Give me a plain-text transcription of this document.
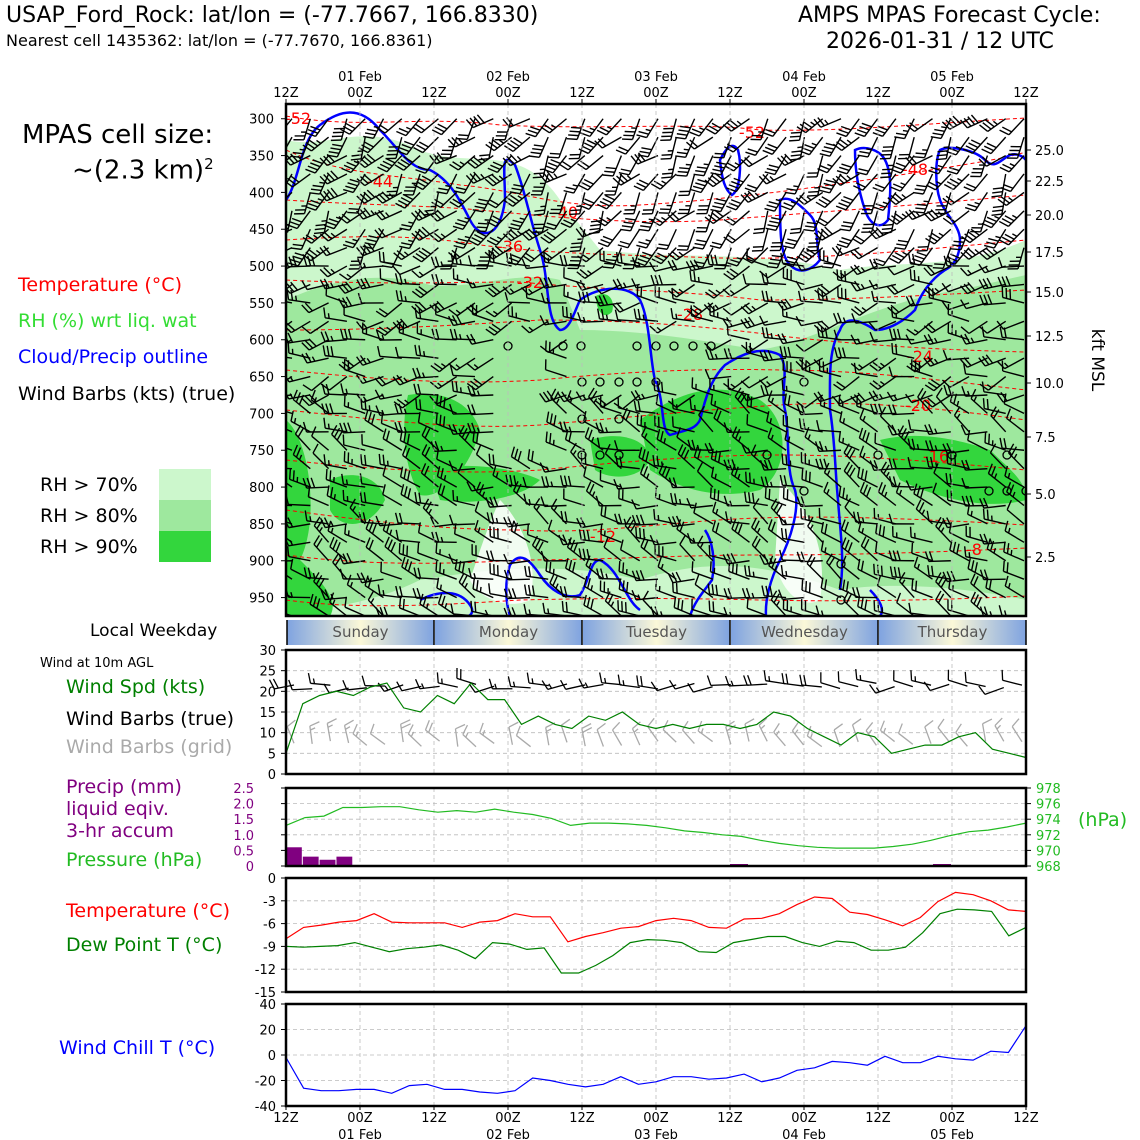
USAP_Ford_Rock: lat/lon = (-77.7667, 166.8330)
Nearest cell 1435362: lat/lon = (-77.7670, 166.8361)
AMPS MPAS Forecast Cycle:
2026-01-31 / 12 UTC
MPAS cell size:
~(2.3 km)$^2$
Temperature (°C)
RH (%) wrt liq. wat
Cloud/Precip outline
Wind Barbs (kts) (true)
RH > 70%
RH > 80%
RH > 90%
Local Weekday
Wind at 10m AGL
Wind Spd (kts)
Wind Barbs (true)
Wind Barbs (grid)
Precip (mm)
liquid eqiv.
3-hr accum
Pressure (hPa)
Temperature (°C)
Dew Point T (°C)
Wind Chill T (°C)
-52
-44
-40
-36
-32
-28
-24
-20
-16
-12
-8
-52
-48
300
350
400
450
500
550
600
650
700
750
800
850
900
950
25.0
22.5
20.0
17.5
15.0
12.5
10.0
7.5
5.0
2.5
kft MSL
12Z	00Z	12Z	00Z	12Z	00Z	12Z	00Z	12Z	00Z	12Z
01 Feb	02 Feb	03 Feb	04 Feb	05 Feb
Sunday	Monday	Tuesday	Wednesday	Thursday
0
5
10
15
20
25
30
0
0.5
1.0
1.5
2.0
2.5
968
970
972
974
976
978
(hPa)
0
-3
-6
-9
-12
-15
40
20
0
-20
-40
12Z	00Z	12Z	00Z	12Z	00Z	12Z	00Z	12Z	00Z	12Z
01 Feb	02 Feb	03 Feb	04 Feb	05 Feb
